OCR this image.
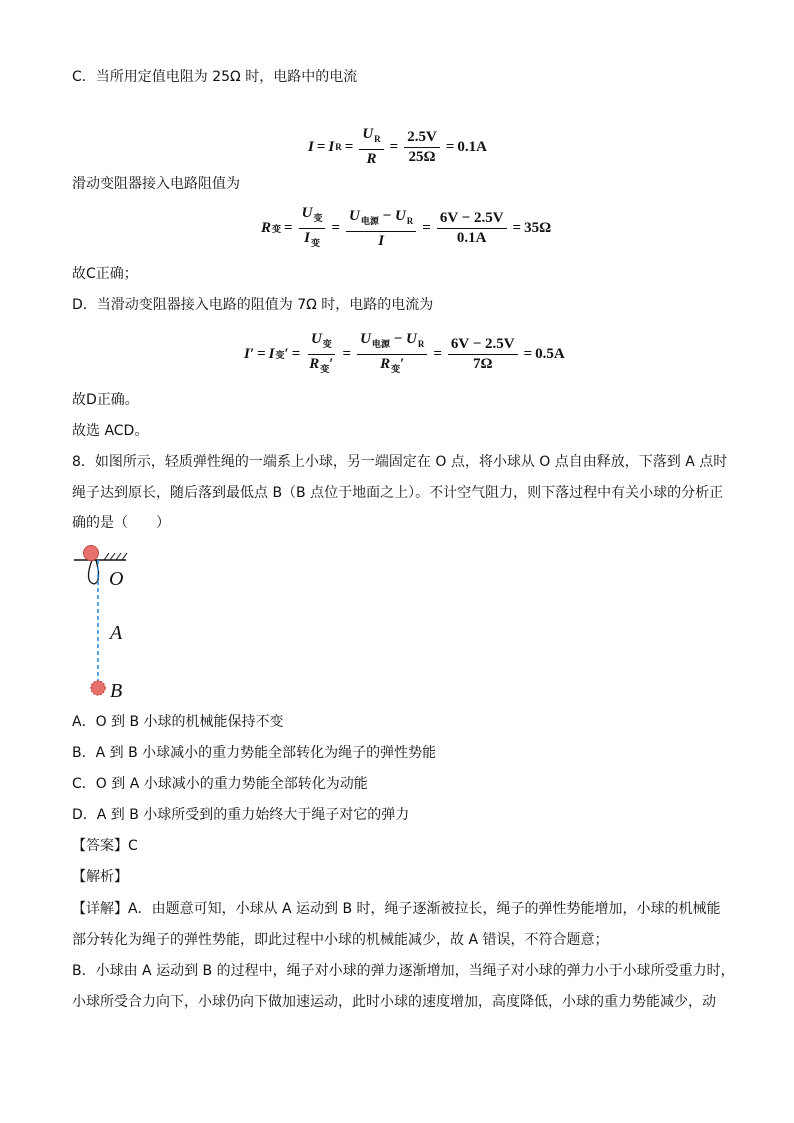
C．当所用定值电阻为 25Ω 时，电路中的电流
I = I $R = \frac{U_R}{R} = \frac{2.5V}{25\Omega} = 0.1A$
滑动变阻器接入电路阻值为
R 变 = $\frac{U_变}{I_变} = \frac{U_{电源} - U_R}{I} = \frac{6V - 2.5V}{0.1A} = 35\Omega$
故C正确；
D．当滑动变阻器接入电路的阻值为 7Ω 时，电路的电流为
I′ = I 变 ′ = $\frac{U_变}{R_变'} = \frac{U_{电源} - U_R}{R_变'} = \frac{6V - 2.5V}{7\Omega} = 0.5A$
故D正确。
故选 ACD。
8．如图所示，轻质弹性绳的一端系上小球，另一端固定在 O 点，将小球从 O 点自由释放，下落到 A 点时
绳子达到原长，随后落到最低点 B（B 点位于地面之上）。不计空气阻力，则下落过程中有关小球的分析正
确的是（　　）
O
A
B
A．O 到 B 小球的机械能保持不变
B．A 到 B 小球减小的重力势能全部转化为绳子的弹性势能
C．O 到 A 小球减小的重力势能全部转化为动能
D．A 到 B 小球所受到的重力始终大于绳子对它的弹力
【答案】C
【解析】
【详解】A．由题意可知，小球从 A 运动到 B 时，绳子逐渐被拉长，绳子的弹性势能增加，小球的机械能
部分转化为绳子的弹性势能，即此过程中小球的机械能减少，故 A 错误，不符合题意；
B．小球由 A 运动到 B 的过程中，绳子对小球的弹力逐渐增加，当绳子对小球的弹力小于小球所受重力时，
小球所受合力向下，小球仍向下做加速运动，此时小球的速度增加，高度降低，小球的重力势能减少，动
